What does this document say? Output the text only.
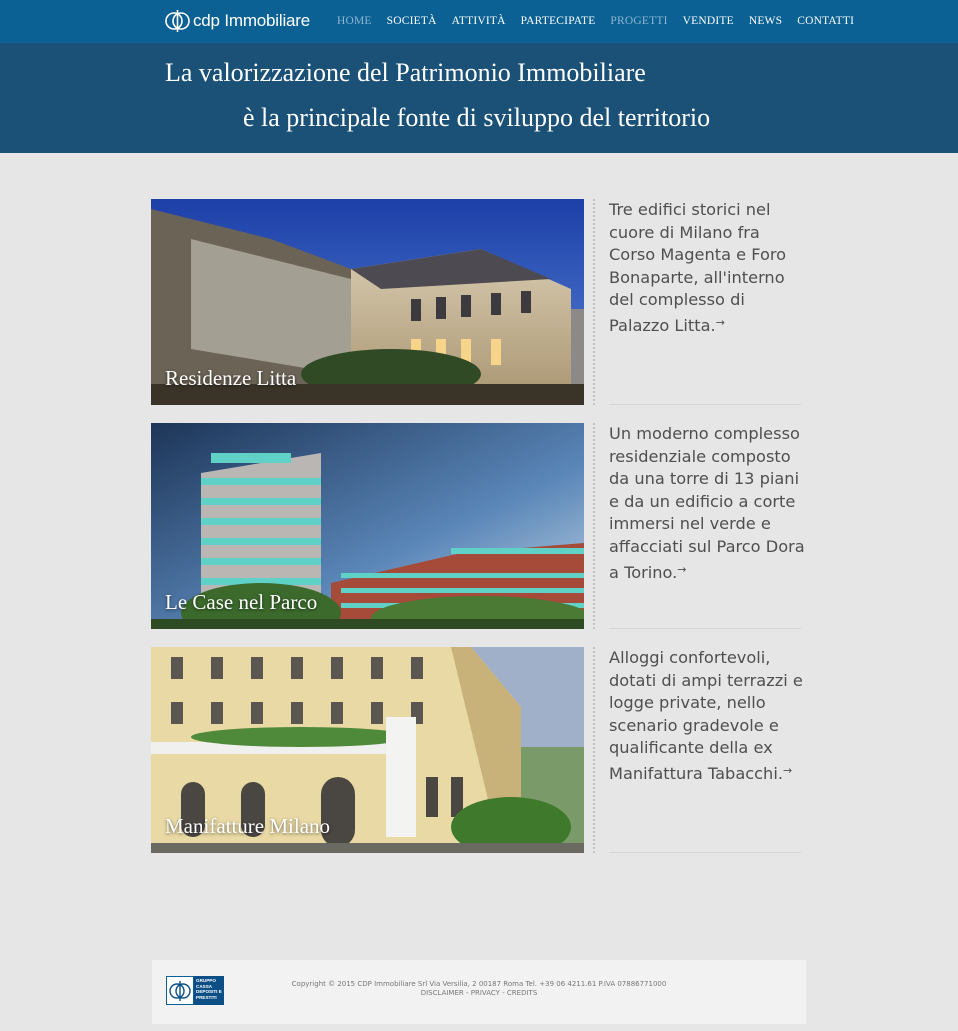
cdp Immobiliare HOME SOCIETÀ ATTIVITÀ PARTECIPATE PROGETTI VENDITE NEWS CONTATTI
La valorizzazione del Patrimonio Immobiliare
è la principale fonte di sviluppo del territorio
Residenze Litta
Tre edifici storici nel cuore di Milano fra Corso Magenta e Foro Bonaparte, all'interno del complesso di Palazzo Litta.→
Le Case nel Parco
Un moderno complesso residenziale composto da una torre di 13 piani e da un edificio a corte immersi nel verde e affacciati sul Parco Dora a Torino.→
Manifatture Milano
Alloggi confortevoli, dotati di ampi terrazzi e logge private, nello scenario gradevole e qualificante della ex Manifattura Tabacchi.→
GRUPPO CASSA DEPOSITI E PRESTITI
Copyright © 2015 CDP Immobiliare Srl Via Versilia, 2 00187 Roma Tel. +39 06 4211.61 P.IVA 07886771000
DISCLAIMER - PRIVACY - CREDITS
